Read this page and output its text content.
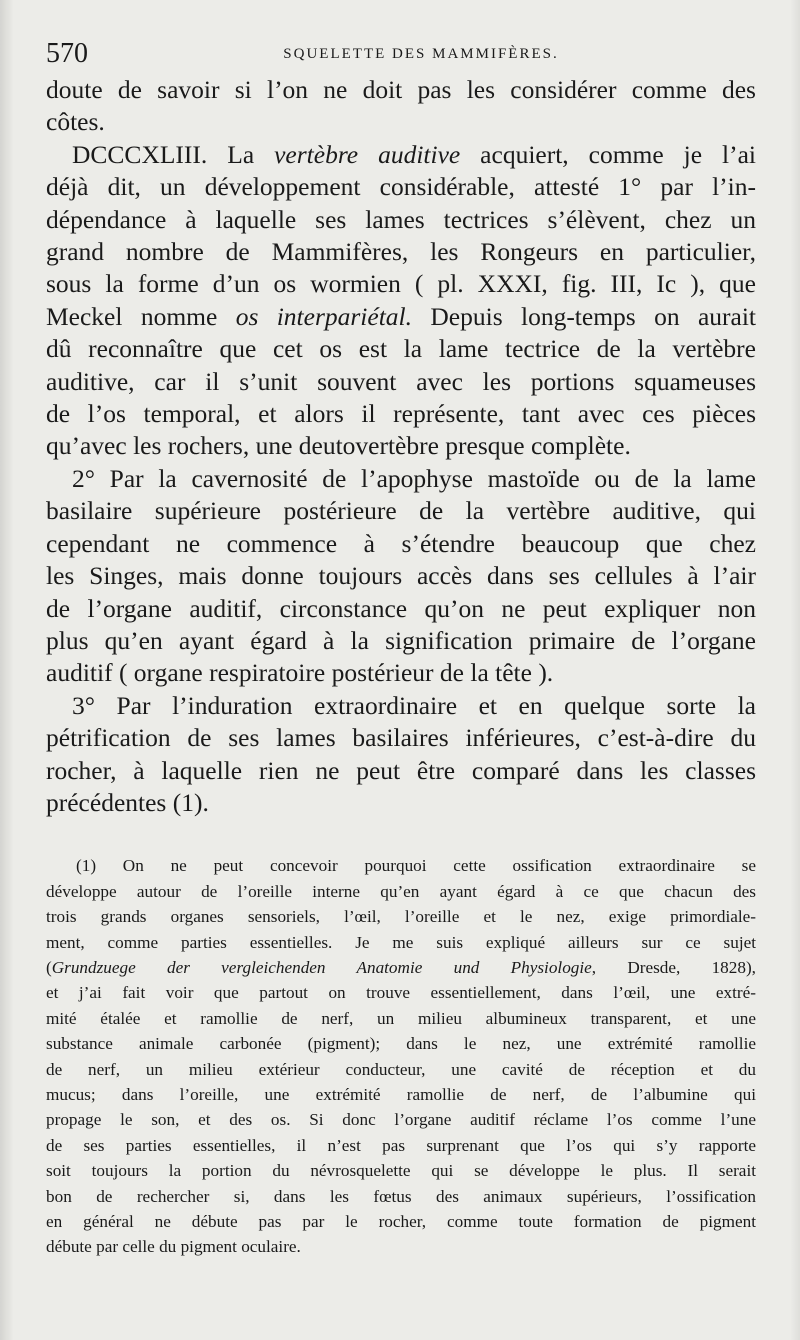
570	SQUELETTE DES MAMMIFÈRES.
doute de savoir si l’on ne doit pas les considérer comme des
côtes.
DCCCXLIII. La vertèbre auditive acquiert, comme je l’ai
déjà dit, un développement considérable, attesté 1° par l’in-
dépendance à laquelle ses lames tectrices s’élèvent, chez un
grand nombre de Mammifères, les Rongeurs en particulier,
sous la forme d’un os wormien ( pl. XXXI, fig. III, Ic ), que
Meckel nomme os interpariétal. Depuis long-temps on aurait
dû reconnaître que cet os est la lame tectrice de la vertèbre
auditive, car il s’unit souvent avec les portions squameuses
de l’os temporal, et alors il représente, tant avec ces pièces
qu’avec les rochers, une deutovertèbre presque complète.
2° Par la cavernosité de l’apophyse mastoïde ou de la lame
basilaire supérieure postérieure de la vertèbre auditive, qui
cependant ne commence à s’étendre beaucoup que chez
les Singes, mais donne toujours accès dans ses cellules à l’air
de l’organe auditif, circonstance qu’on ne peut expliquer non
plus qu’en ayant égard à la signification primaire de l’organe
auditif ( organe respiratoire postérieur de la tête ).
3° Par l’induration extraordinaire et en quelque sorte la
pétrification de ses lames basilaires inférieures, c’est-à-dire du
rocher, à laquelle rien ne peut être comparé dans les classes
précédentes (1).
(1) On ne peut concevoir pourquoi cette ossification extraordinaire se
développe autour de l’oreille interne qu’en ayant égard à ce que chacun des
trois grands organes sensoriels, l’œil, l’oreille et le nez, exige primordiale-
ment, comme parties essentielles. Je me suis expliqué ailleurs sur ce sujet
(Grundzuege der vergleichenden Anatomie und Physiologie, Dresde, 1828),
et j’ai fait voir que partout on trouve essentiellement, dans l’œil, une extré-
mité étalée et ramollie de nerf, un milieu albumineux transparent, et une
substance animale carbonée (pigment); dans le nez, une extrémité ramollie
de nerf, un milieu extérieur conducteur, une cavité de réception et du
mucus; dans l’oreille, une extrémité ramollie de nerf, de l’albumine qui
propage le son, et des os. Si donc l’organe auditif réclame l’os comme l’une
de ses parties essentielles, il n’est pas surprenant que l’os qui s’y rapporte
soit toujours la portion du névrosquelette qui se développe le plus. Il serait
bon de rechercher si, dans les fœtus des animaux supérieurs, l’ossification
en général ne débute pas par le rocher, comme toute formation de pigment
débute par celle du pigment oculaire.
